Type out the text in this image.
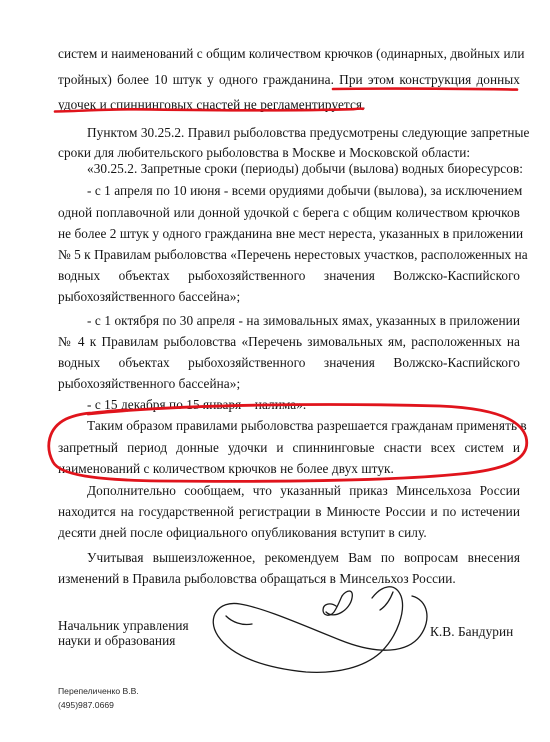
систем и наименований с общим количеством крючков (одинарных, двойных или
тройных) более 10 штук у одного гражданина. При этом конструкция донных
удочек и спиннинговых снастей не регламентируется.
Пунктом 30.25.2. Правил рыболовства предусмотрены следующие запретные
сроки для любительского рыболовства в Москве и Московской области:
«30.25.2. Запретные сроки (периоды) добычи (вылова) водных биоресурсов:
- с 1 апреля по 10 июня - всеми орудиями добычи (вылова), за исключением
одной поплавочной или донной удочкой с берега с общим количеством крючков
не более 2 штук у одного гражданина вне мест нереста, указанных в приложении
№ 5 к Правилам рыболовства «Перечень нерестовых участков, расположенных на
водных объектах рыбохозяйственного значения Волжско-Каспийского
рыбохозяйственного бассейна»;
- с 1 октября по 30 апреля - на зимовальных ямах, указанных в приложении
№ 4 к Правилам рыболовства «Перечень зимовальных ям, расположенных на
водных объектах рыбохозяйственного значения Волжско-Каспийского
рыбохозяйственного бассейна»;
- с 15 декабря по 15 января – налима».
Таким образом правилами рыболовства разрешается гражданам применять в
запретный период донные удочки и спиннинговые снасти всех систем и
наименований с количеством крючков не более двух штук.
Дополнительно сообщаем, что указанный приказ Минсельхоза России
находится на государственной регистрации в Минюсте России и по истечении
десяти дней после официального опубликования вступит в силу.
Учитывая вышеизложенное, рекомендуем Вам по вопросам внесения
изменений в Правила рыболовства обращаться в Минсельхоз России.
Начальник управления
науки и образования
К.В. Бандурин
Перепеличенко В.В.
(495)987.0669
